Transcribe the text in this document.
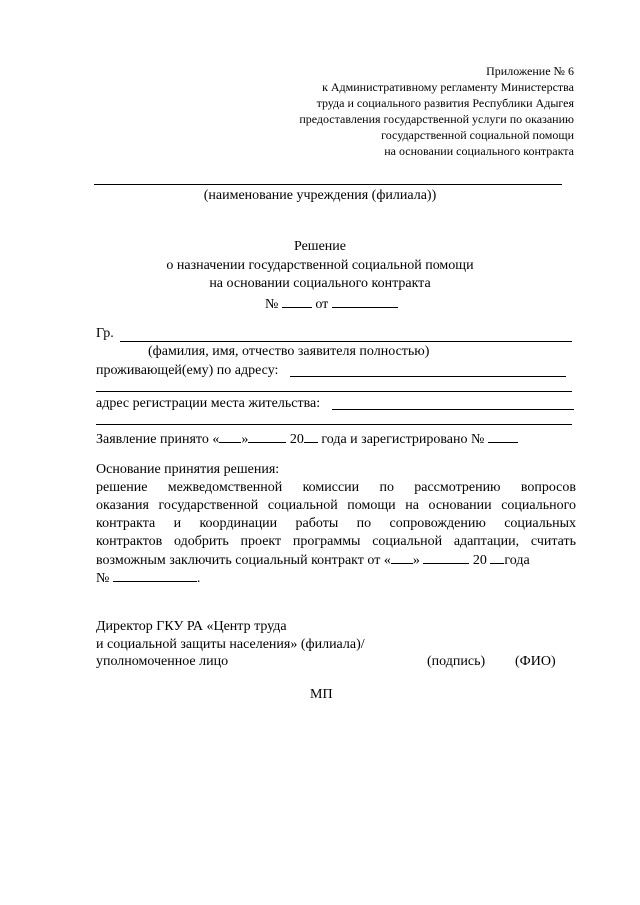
Приложение № 6
к Административному регламенту Министерства
труда и социального развития Республики Адыгея
предоставления государственной услуги по оказанию
государственной социальной помощи
на основании социального контракта
(наименование учреждения (филиала))
Решение
о назначении государственной социальной помощи
на основании социального контракта
№	от
Гр.
(фамилия, имя, отчество заявителя полностью)
проживающей(ему) по адресу:
адрес регистрации места жительства:
Заявление принято « »	20 года и зарегистрировано №
Основание принятия решения:
решение межведомственной комиссии по рассмотрению вопросов
оказания государственной социальной помощи на основании социального
контракта и координации работы по сопровождению социальных
контрактов одобрить проект программы социальной адаптации, считать
возможным заключить социальный контракт от « »	20 года
№	.
Директор ГКУ РА «Центр труда
и социальной защиты населения» (филиала)/
уполномоченное лицо	(подпись) (ФИО)
МП
